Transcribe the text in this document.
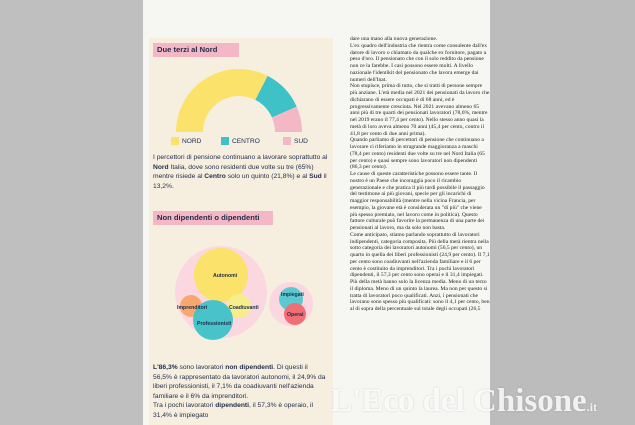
Due terzi al Nord
NORD	CENTRO	SUD
I percettori di pensione continuano a lavorare soprattutto al Nord Italia, dove sono residenti due volte su tre (65%) mentre risiede al Centro solo un quinto (21,8%) e al Sud il 13,2%.
Non dipendenti o dipendenti
Autonomi
Imprenditori	Coadiuvanti
Professionisti
Impiegati
Operai
L'86,3% sono lavoratori non dipendenti. Di questi il 56,5% è rappresentato da lavoratori autonomi, il 24,9% da liberi professionisti, il 7,1% da coadiuvanti nell'azienda familiare e il 6% da imprenditori.
Tra i pochi lavoratori dipendenti, il 57,3% è operaio, il 31,4% è impiegato
dare una mano alla nuova generazione.
L'ex quadro dell'industria che rientra come consulente dall'ex datore di lavoro o chiamato da qualche ex fornitore, pagato a peso d'oro. Il pensionato che con il solo reddito da pensione non ce la farebbe. I casi possono essere molti. A livello nazionale l'identikit del pensionato che lavora emerge dai numeri dell'Inat.
Non stupisce, prima di tutto, che si tratti di persone sempre più anziane. L'età media nel 2021 dei pensionati da lavoro che dichiarano di essere occupati è di 68 anni, ed è progressivamente cresciuta. Nel 2021 avevano almeno 65 anni più di tre quarti dei pensionati lavoratori (78,6%, mentre nel 2019 erano il 77,4 per cento). Nello stesso anno quasi la metà di loro aveva almeno 70 anni (45,4 per cento, contro il 41,8 per cento di due anni prima).
Quando parliamo di percettori di pensione che continuano a lavorare ci riferiamo in stragrande maggioranza a maschi (78,4 per cento) residenti due volte su tre nel Nord Italia (65 per cento) e quasi sempre sono lavoratori non dipendenti (86,3 per cento).
Le cause di queste caratteristiche possono essere tante. Il nostro è un Paese che incoraggia poco il ricambio generazionale e che pratica il più tardi possibile il passaggio del testimone ai più giovani, specie per gli incarichi di maggior responsabilità (mentre nella vicina Francia, per esempio, la giovane età è considerata un "di più" che viene più spesso premiato, nel lavoro come in politica). Questo fattore culturale può favorire la permanenza di una parte dei pensionati al lavoro, ma da solo non basta.
Come anticipato, stiamo parlando soprattutto di lavoratori indipendenti, categoria composita. Più della metà rientra nella sotto categoria dei lavoratori autonomi (56,5 per cento), un quarto in quella dei liberi professionisti (24,9 per cento). Il 7,1 per cento sono coadiuvanti nell'azienda familiare e il 6 per cento è costituito da imprenditori. Tra i pochi lavoratori dipendenti, il 57,3 per cento sono operai e il 31,4 impiegati.
Più della metà hanno solo la licenza media. Meno di un terzo il diploma. Meno di un quinto la laurea. Ma non per questo si tratta di lavoratori poco qualificati. Anzi, i pensionati che lavorano sono spesso più qualificati: sono il 4,1 per cento, ben al di sopra della percentuale sul totale degli occupati (26,5
L'Eco del Chisone.it
